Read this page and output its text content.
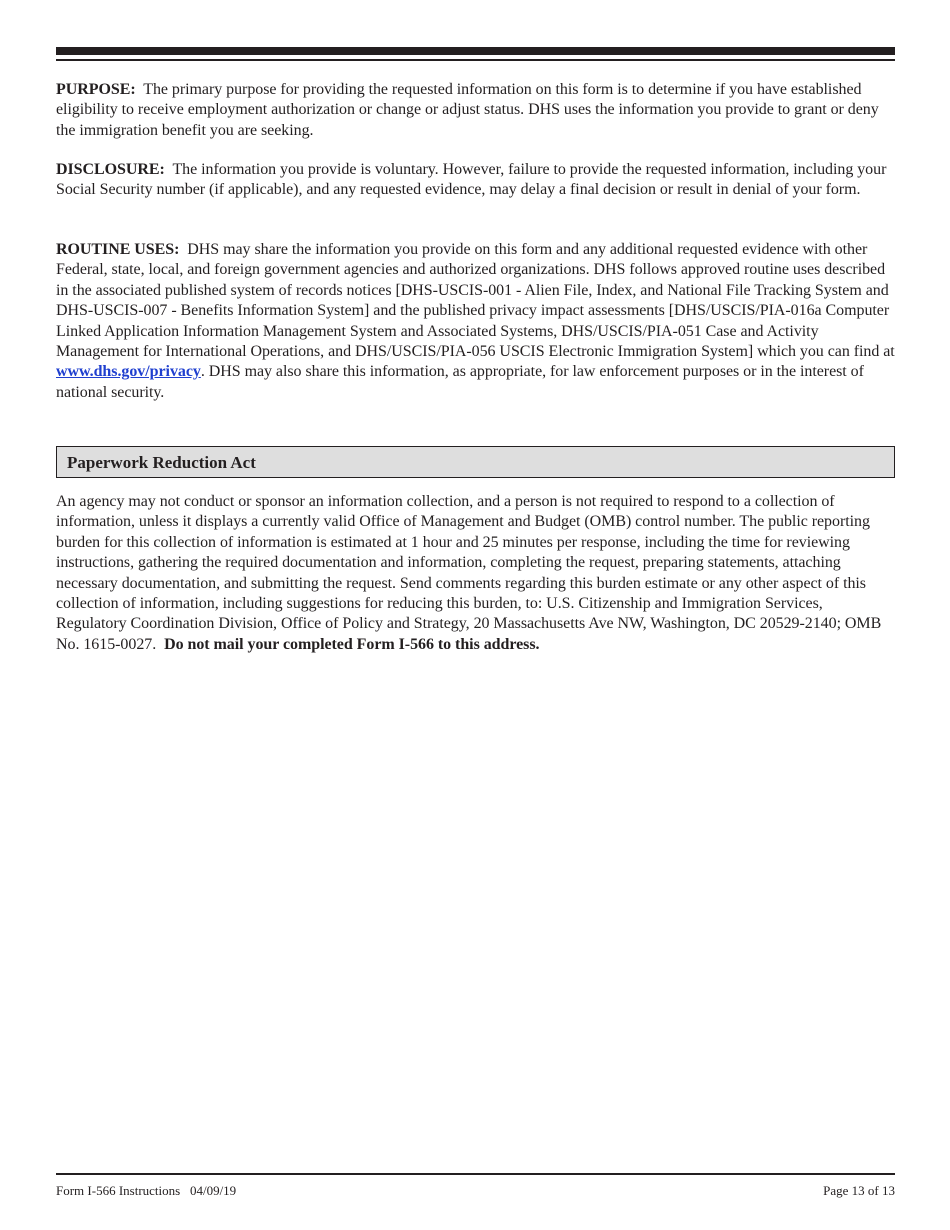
PURPOSE: The primary purpose for providing the requested information on this form is to determine if you have established eligibility to receive employment authorization or change or adjust status. DHS uses the information you provide to grant or deny the immigration benefit you are seeking.

DISCLOSURE: The information you provide is voluntary. However, failure to provide the requested information, including your Social Security number (if applicable), and any requested evidence, may delay a final decision or result in denial of your form.

ROUTINE USES: DHS may share the information you provide on this form and any additional requested evidence with other Federal, state, local, and foreign government agencies and authorized organizations. DHS follows approved routine uses described in the associated published system of records notices [DHS-USCIS-001 - Alien File, Index, and National File Tracking System and DHS-USCIS-007 - Benefits Information System] and the published privacy impact assessments [DHS/USCIS/PIA-016a Computer Linked Application Information Management System and Associated Systems, DHS/USCIS/PIA-051 Case and Activity Management for International Operations, and DHS/USCIS/PIA-056 USCIS Electronic Immigration System] which you can find at www.dhs.gov/privacy. DHS may also share this information, as appropriate, for law enforcement purposes or in the interest of national security.

Paperwork Reduction Act

An agency may not conduct or sponsor an information collection, and a person is not required to respond to a collection of information, unless it displays a currently valid Office of Management and Budget (OMB) control number. The public reporting burden for this collection of information is estimated at 1 hour and 25 minutes per response, including the time for reviewing instructions, gathering the required documentation and information, completing the request, preparing statements, attaching necessary documentation, and submitting the request. Send comments regarding this burden estimate or any other aspect of this collection of information, including suggestions for reducing this burden, to: U.S. Citizenship and Immigration Services, Regulatory Coordination Division, Office of Policy and Strategy, 20 Massachusetts Ave NW, Washington, DC 20529-2140; OMB No. 1615-0027. Do not mail your completed Form I-566 to this address.

Form I-566 Instructions   04/09/19	Page 13 of 13
